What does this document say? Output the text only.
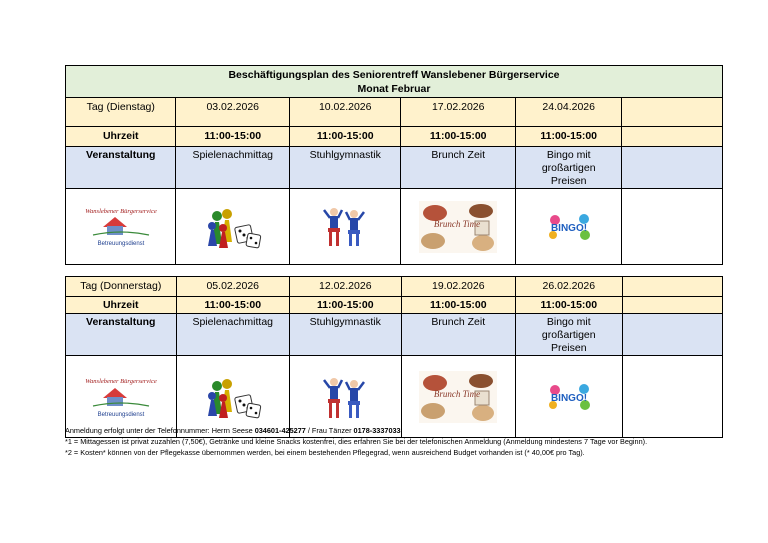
Beschäftigungsplan des Seniorentreff Wanslebener Bürgerservice
Monat Februar					

Tag (Dienstag)	03.02.2026	10.02.2026	17.02.2026	24.04.2026	
Uhrzeit	11:00-15:00	11:00-15:00	11:00-15:00	11:00-15:00	
Veranstaltung	Spielenachmittag	Stuhlgymnastik	Brunch Zeit	Bingo mit großartigen Preisen	

Wanslebener Bürgerservice
Betreuungsdienst			Brunch Time	BINGO!	

Tag (Donnerstag)	05.02.2026	12.02.2026	19.02.2026	26.02.2026	
Uhrzeit	11:00-15:00	11:00-15:00	11:00-15:00	11:00-15:00	
Veranstaltung	Spielenachmittag	Stuhlgymnastik	Brunch Zeit	Bingo mit großartigen Preisen	

Wanslebener Bürgerservice
Betreuungsdienst			Brunch Time	BINGO!	

Anmeldung erfolgt unter der Telefonnummer: Herrn Seese 034601-425277 / Frau Tänzer 0178-3337033.
*1 = Mittagessen ist privat zuzahlen (7,50€), Getränke und kleine Snacks kostenfrei, dies erfahren Sie bei der telefonischen Anmeldung (Anmeldung mindestens 7 Tage vor Beginn).
*2 = Kosten* können von der Pflegekasse übernommen werden, bei einem bestehenden Pflegegrad, wenn ausreichend Budget vorhanden ist (* 40,00€ pro Tag).
